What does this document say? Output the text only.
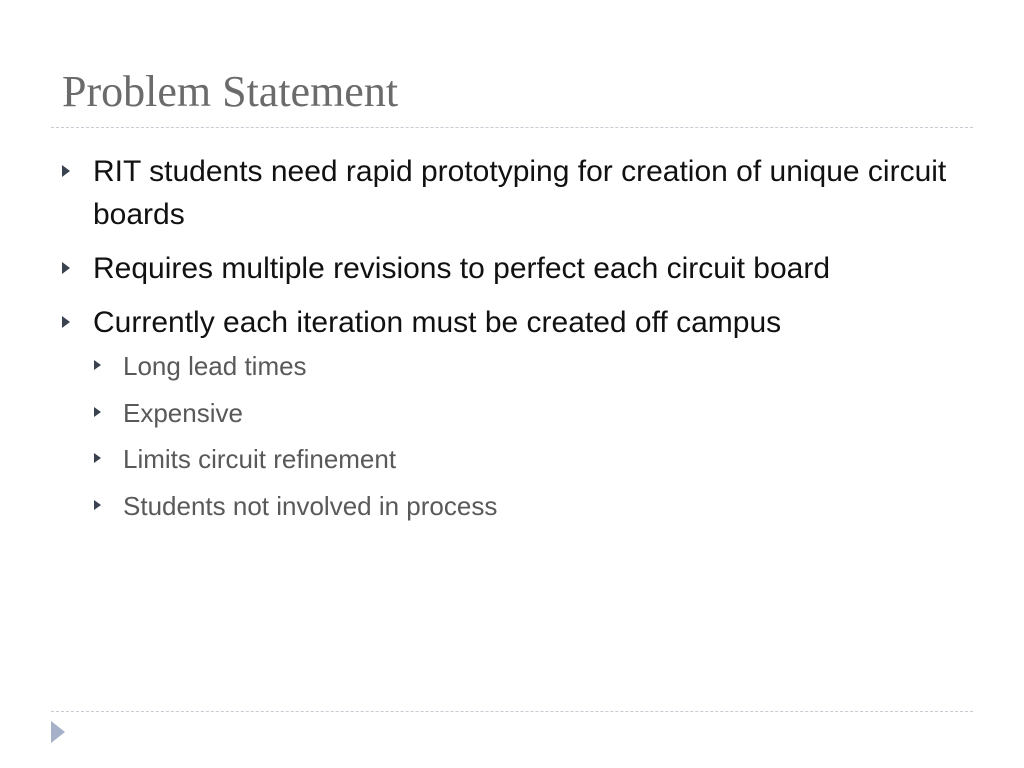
Problem Statement
RIT students need rapid prototyping for creation of unique circuit boards
Requires multiple revisions to perfect each circuit board
Currently each iteration must be created off campus
Long lead times
Expensive
Limits circuit refinement
Students not involved in process
